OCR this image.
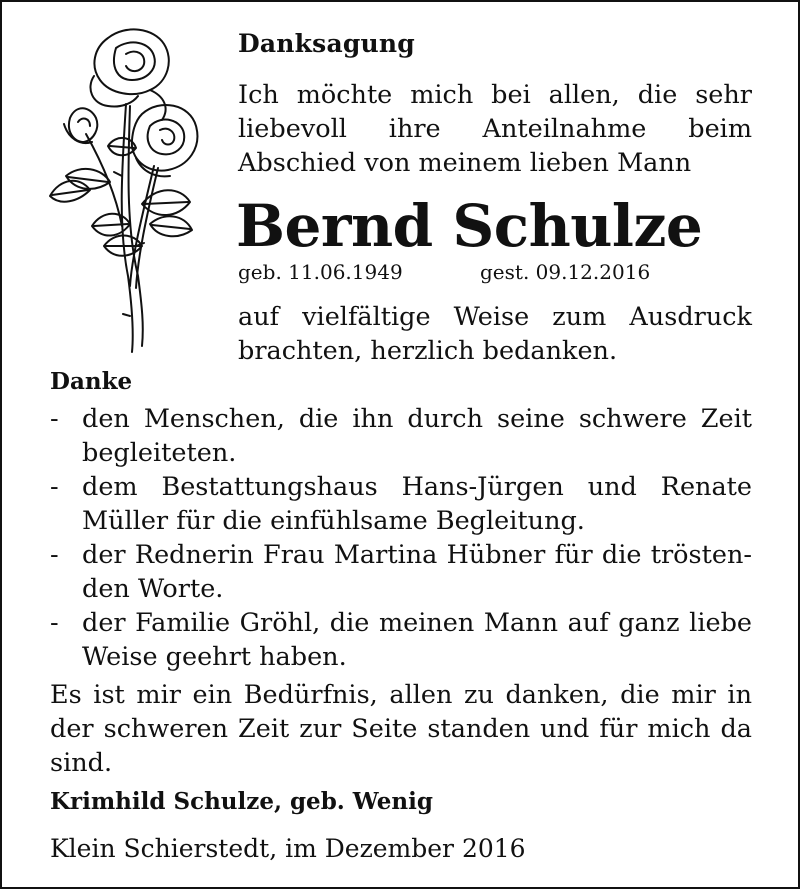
Danksagung
Ich möchte mich bei allen, die sehr liebevoll ihre Anteilnahme beim Abschied von meinem lieben Mann
Bernd Schulze
geb. 11.06.1949	gest. 09.12.2016
auf vielfältige Weise zum Ausdruck brachten, herzlich bedanken.
Danke
- den Menschen, die ihn durch seine schwere Zeit begleiteten.
- dem Bestattungshaus Hans-Jürgen und Renate Müller für die einfühlsame Begleitung.
- der Rednerin Frau Martina Hübner für die trösten-den Worte.
- der Familie Gröhl, die meinen Mann auf ganz liebe Weise geehrt haben.
Es ist mir ein Bedürfnis, allen zu danken, die mir in der schweren Zeit zur Seite standen und für mich da sind.
Krimhild Schulze, geb. Wenig
Klein Schierstedt, im Dezember 2016
